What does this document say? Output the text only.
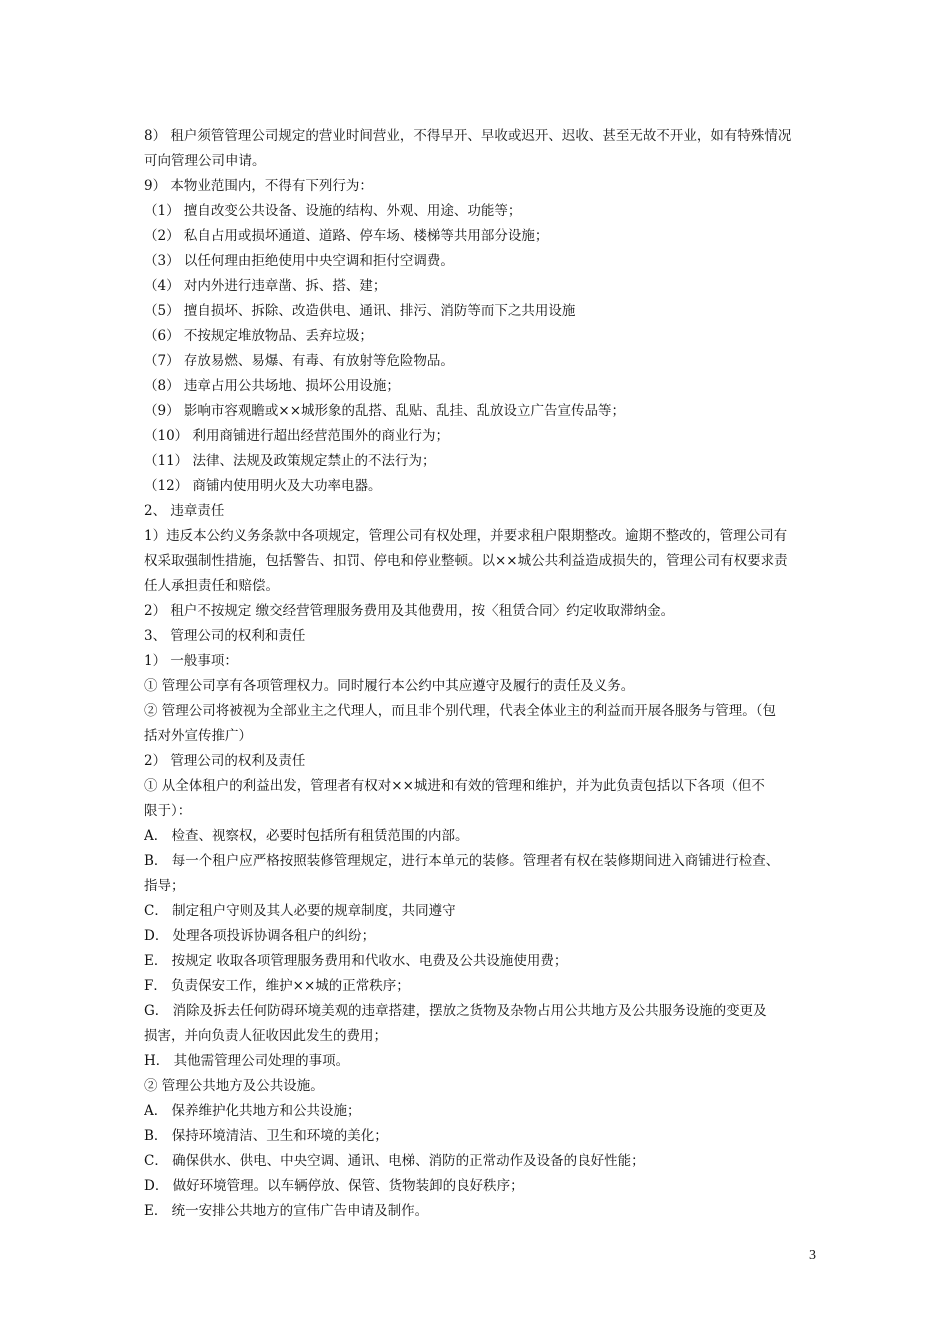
8） 租户须管管理公司规定的营业时间营业，不得早开、早收或迟开、迟收、甚至无故不开业，如有特殊情况
可向管理公司申请。
9） 本物业范围内，不得有下列行为：
（1） 擅自改变公共设备、设施的结构、外观、用途、功能等；
（2） 私自占用或损坏通道、道路、停车场、楼梯等共用部分设施；
（3） 以任何理由拒绝使用中央空调和拒付空调费。
（4） 对内外进行违章凿、拆、搭、建；
（5） 擅自损坏、拆除、改造供电、通讯、排污、消防等而下之共用设施
（6） 不按规定堆放物品、丢弃垃圾；
（7） 存放易燃、易爆、有毒、有放射等危险物品。
（8） 违章占用公共场地、损坏公用设施；
（9） 影响市容观瞻或××城形象的乱搭、乱贴、乱挂、乱放设立广告宣传品等；
（10） 利用商铺进行超出经营范围外的商业行为；
（11） 法律、法规及政策规定禁止的不法行为；
（12） 商铺内使用明火及大功率电器。
2、 违章责任
1）违反本公约义务条款中各项规定，管理公司有权处理，并要求租户限期整改。逾期不整改的，管理公司有
权采取强制性措施，包括警告、扣罚、停电和停业整顿。以××城公共利益造成损失的，管理公司有权要求责
任人承担责任和赔偿。
2） 租户不按规定 缴交经营管理服务费用及其他费用，按〈租赁合同〉约定收取滞纳金。
3、 管理公司的权利和责任
1） 一般事项：
① 管理公司享有各项管理权力。同时履行本公约中其应遵守及履行的责任及义务。
② 管理公司将被视为全部业主之代理人，而且非个别代理，代表全体业主的利益而开展各服务与管理。（包
括对外宣传推广）
2） 管理公司的权利及责任
① 从全体租户的利益出发，管理者有权对××城进和有效的管理和维护，并为此负责包括以下各项（但不
限于）：
A． 检查、视察权，必要时包括所有租赁范围的内部。
B． 每一个租户应严格按照装修管理规定，进行本单元的装修。管理者有权在装修期间进入商铺进行检查、
指导；
C． 制定租户守则及其人必要的规章制度，共同遵守
D． 处理各项投诉协调各租户的纠纷；
E． 按规定 收取各项管理服务费用和代收水、电费及公共设施使用费；
F． 负责保安工作，维护××城的正常秩序；
G． 消除及拆去任何防碍环境美观的违章搭建，摆放之货物及杂物占用公共地方及公共服务设施的变更及
损害，并向负责人征收因此发生的费用；
H． 其他需管理公司处理的事项。
② 管理公共地方及公共设施。
A． 保养维护化共地方和公共设施；
B． 保持环境清洁、卫生和环境的美化；
C． 确保供水、供电、中央空调、通讯、电梯、消防的正常动作及设备的良好性能；
D． 做好环境管理。以车辆停放、保管、货物装卸的良好秩序；
E． 统一安排公共地方的宣伟广告申请及制作。
3
